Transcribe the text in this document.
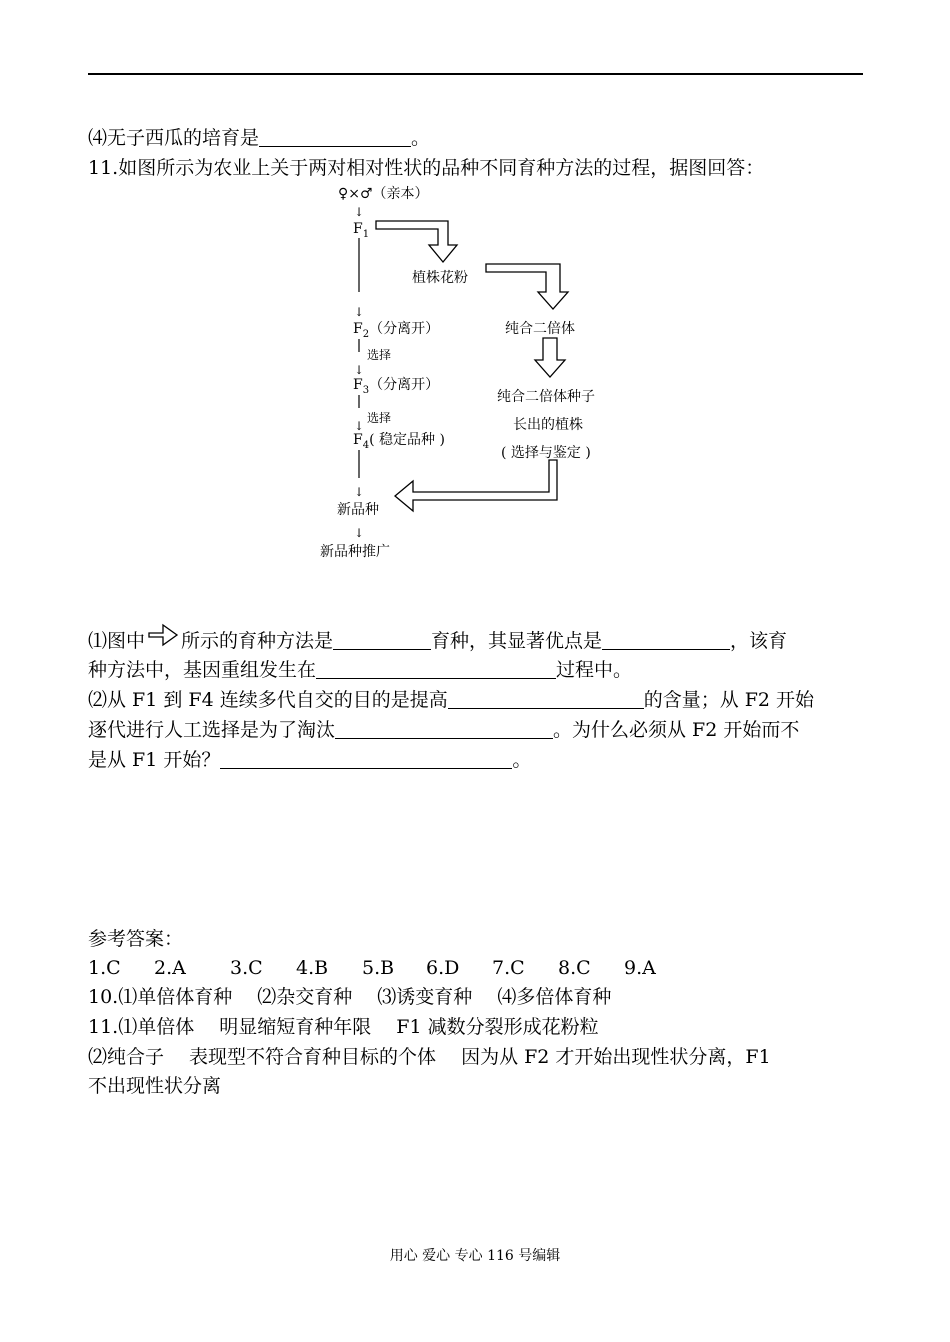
⑷无子西瓜的培育是	。
11.如图所示为农业上关于两对相对性状的品种不同育种方法的过程，据图回答：
♀×♂（亲本）
↓
$F_1$
植株花粉
↓
$F_2$（分离开）	纯合二倍体
选择
↓
$F_3$（分离开）
纯合二倍体种子
选择
↓	长出的植株
$F_4$( 稳定品种 )
( 选择与鉴定 )
↓
新品种
↓
新品种推广
⑴图中 所示的育种方法是	育种，其显著优点是	，该育
种方法中，基因重组发生在	过程中。
⑵从 F1 到 F4 连续多代自交的目的是提高	的含量；从 F2 开始
逐代进行人工选择是为了淘汰	。为什么必须从 F2 开始而不
是从 F1 开始？	。
参考答案：
1.C 2.A 3.C 4.B 5.B 6.D 7.C 8.C 9.A
10.⑴单倍体育种　 ⑵杂交育种　 ⑶诱变育种　 ⑷多倍体育种
11.⑴单倍体　 明显缩短育种年限　 F1 减数分裂形成花粉粒
⑵纯合子　 表现型不符合育种目标的个体　 因为从 F2 才开始出现性状分离，F1
不出现性状分离
用心 爱心 专心 116 号编辑
